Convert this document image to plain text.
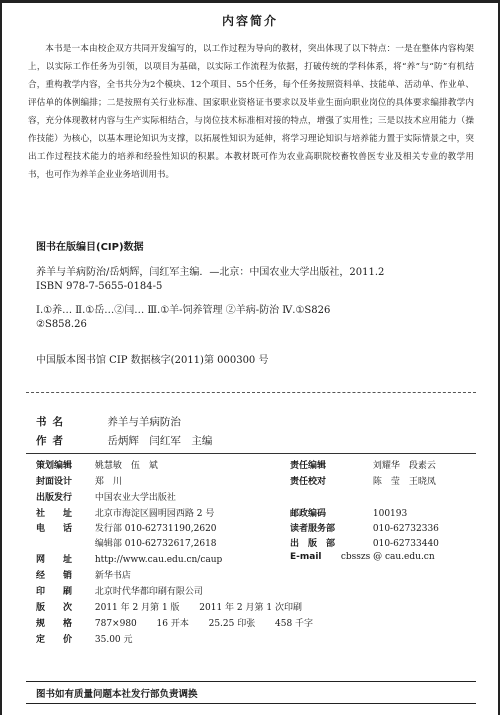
内容简介

本书是一本由校企双方共同开发编写的，以工作过程为导向的教材，突出体现了以下特点：一是在整体内容构架上，以实际工作任务为引领，以项目为基础，以实际工作流程为依据，打破传统的学科体系，将“养”与“防”有机结合，重构教学内容，全书共分为2个模块、12个项目、55个任务，每个任务按照资料单、技能单、活动单、作业单、评估单的体例编排；二是按照有关行业标准、国家职业资格证书要求以及毕业生面向职业岗位的具体要求编排教学内容，充分体现教材内容与生产实际相结合，与岗位技术标准相对接的特点，增强了实用性；三是以技术应用能力（操作技能）为核心，以基本理论知识为支撑，以拓展性知识为延伸，将学习理论知识与培养能力置于实际情景之中，突出工作过程技术能力的培养和经验性知识的积累。本教材既可作为农业高职院校畜牧兽医专业及相关专业的教学用书，也可作为养羊企业业务培训用书。

图书在版编目(CIP)数据
养羊与羊病防治/岳炳辉，闫红军主编．—北京：中国农业大学出版社，2011.2
ISBN 978-7-5655-0184-5
Ⅰ.①养… Ⅱ.①岳…②闫… Ⅲ.①羊-饲养管理 ②羊病-防治 Ⅳ.①S826
②S858.26
中国版本图书馆 CIP 数据核字(2011)第 000300 号
书名	养羊与羊病防治
作者	岳炳辉　闫红军　主编
策划编辑	姚慧敏　伍　斌	责任编辑	刘耀华　段素云
封面设计	郑　川	责任校对	陈　莹　王晓凤
出版发行	中国农业大学出版社
社　　址	北京市海淀区圆明园西路 2 号	邮政编码	100193
电　　话	发行部 010-62731190,2620	读者服务部	010-62732336
编辑部 010-62732617,2618	出　版　部	010-62733440
网　　址	http://www.cau.edu.cn/caup	E-mail cbsszs @ cau.edu.cn
经　　销	新华书店
印　　刷	北京时代华都印刷有限公司
版　　次	2011 年 2 月第 1 版 2011 年 2 月第 1 次印刷
规　　格	787×980 16 开本 25.25 印张 458 千字
定　　价	35.00 元
图书如有质量问题本社发行部负责调换
